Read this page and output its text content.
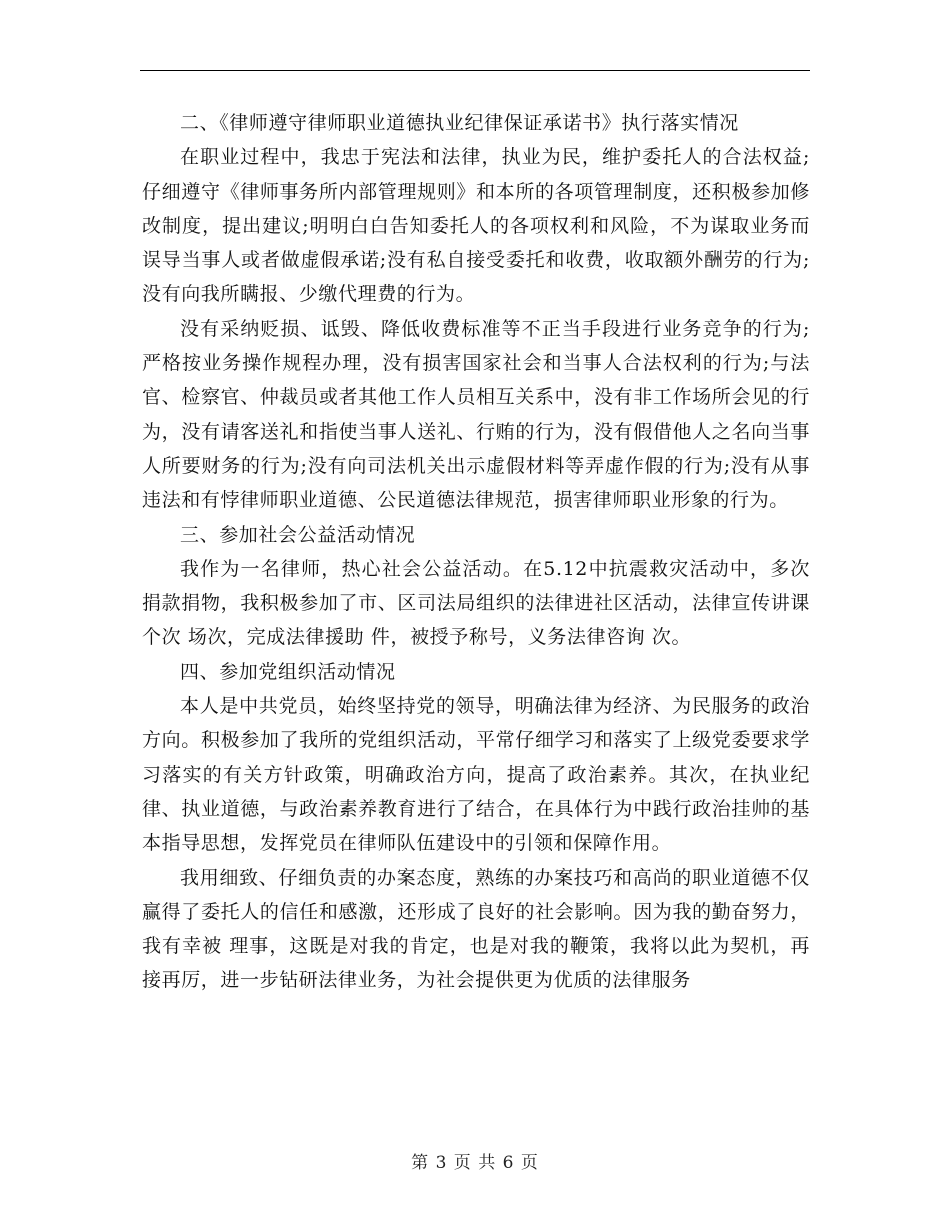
二、《律师遵守律师职业道德执业纪律保证承诺书》执行落实情况

在职业过程中，我忠于宪法和法律，执业为民，维护委托人的合法权益;仔细遵守《律师事务所内部管理规则》和本所的各项管理制度，还积极参加修改制度，提出建议;明明白白告知委托人的各项权利和风险，不为谋取业务而误导当事人或者做虚假承诺;没有私自接受委托和收费，收取额外酬劳的行为;没有向我所瞒报、少缴代理费的行为。

没有采纳贬损、诋毁、降低收费标准等不正当手段进行业务竞争的行为;严格按业务操作规程办理，没有损害国家社会和当事人合法权利的行为;与法官、检察官、仲裁员或者其他工作人员相互关系中，没有非工作场所会见的行为，没有请客送礼和指使当事人送礼、行贿的行为，没有假借他人之名向当事人所要财务的行为;没有向司法机关出示虚假材料等弄虚作假的行为;没有从事违法和有悖律师职业道德、公民道德法律规范，损害律师职业形象的行为。

三、参加社会公益活动情况

我作为一名律师，热心社会公益活动。在5.12中抗震救灾活动中，多次捐款捐物，我积极参加了市、区司法局组织的法律进社区活动，法律宣传讲课个次 场次，完成法律援助 件，被授予称号，义务法律咨询 次。

四、参加党组织活动情况

本人是中共党员，始终坚持党的领导，明确法律为经济、为民服务的政治方向。积极参加了我所的党组织活动，平常仔细学习和落实了上级党委要求学习落实的有关方针政策，明确政治方向，提高了政治素养。其次，在执业纪律、执业道德，与政治素养教育进行了结合，在具体行为中践行政治挂帅的基本指导思想，发挥党员在律师队伍建设中的引领和保障作用。

我用细致、仔细负责的办案态度，熟练的办案技巧和高尚的职业道德不仅赢得了委托人的信任和感激，还形成了良好的社会影响。因为我的勤奋努力，我有幸被 理事，这既是对我的肯定，也是对我的鞭策，我将以此为契机，再接再厉，进一步钻研法律业务，为社会提供更为优质的法律服务

第 3 页 共 6 页
